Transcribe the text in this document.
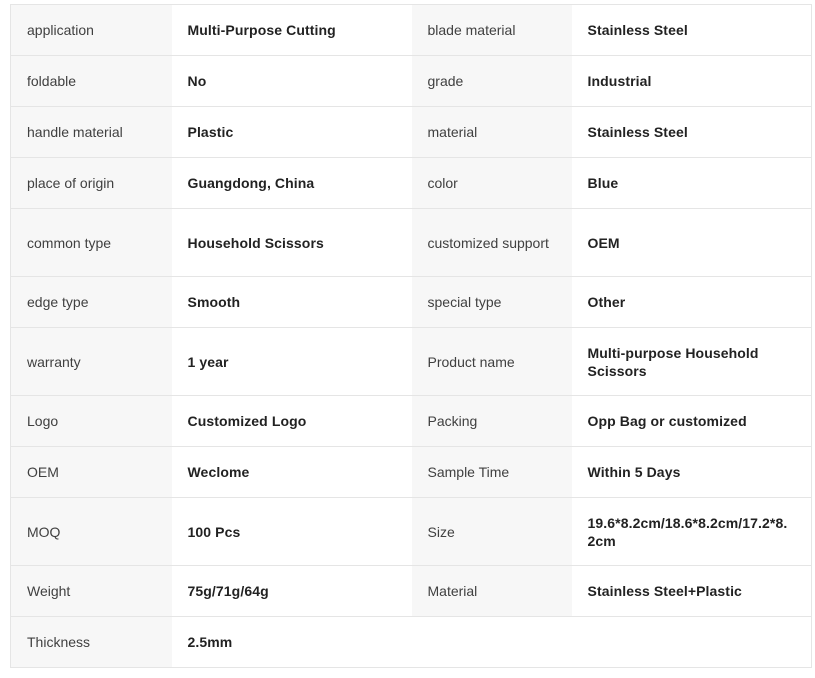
application	Multi-Purpose Cutting	blade material	Stainless Steel
foldable	No	grade	Industrial
handle material	Plastic	material	Stainless Steel
place of origin	Guangdong, China	color	Blue
common type	Household Scissors	customized support	OEM
edge type	Smooth	special type	Other
warranty	1 year	Product name	Multi-purpose Household Scissors
Logo	Customized Logo	Packing	Opp Bag or customized
OEM	Weclome	Sample Time	Within 5 Days
MOQ	100 Pcs	Size	19.6*8.2cm/18.6*8.2cm/17.2*8.2cm
Weight	75g/71g/64g	Material	Stainless Steel+Plastic
Thickness	2.5mm		
